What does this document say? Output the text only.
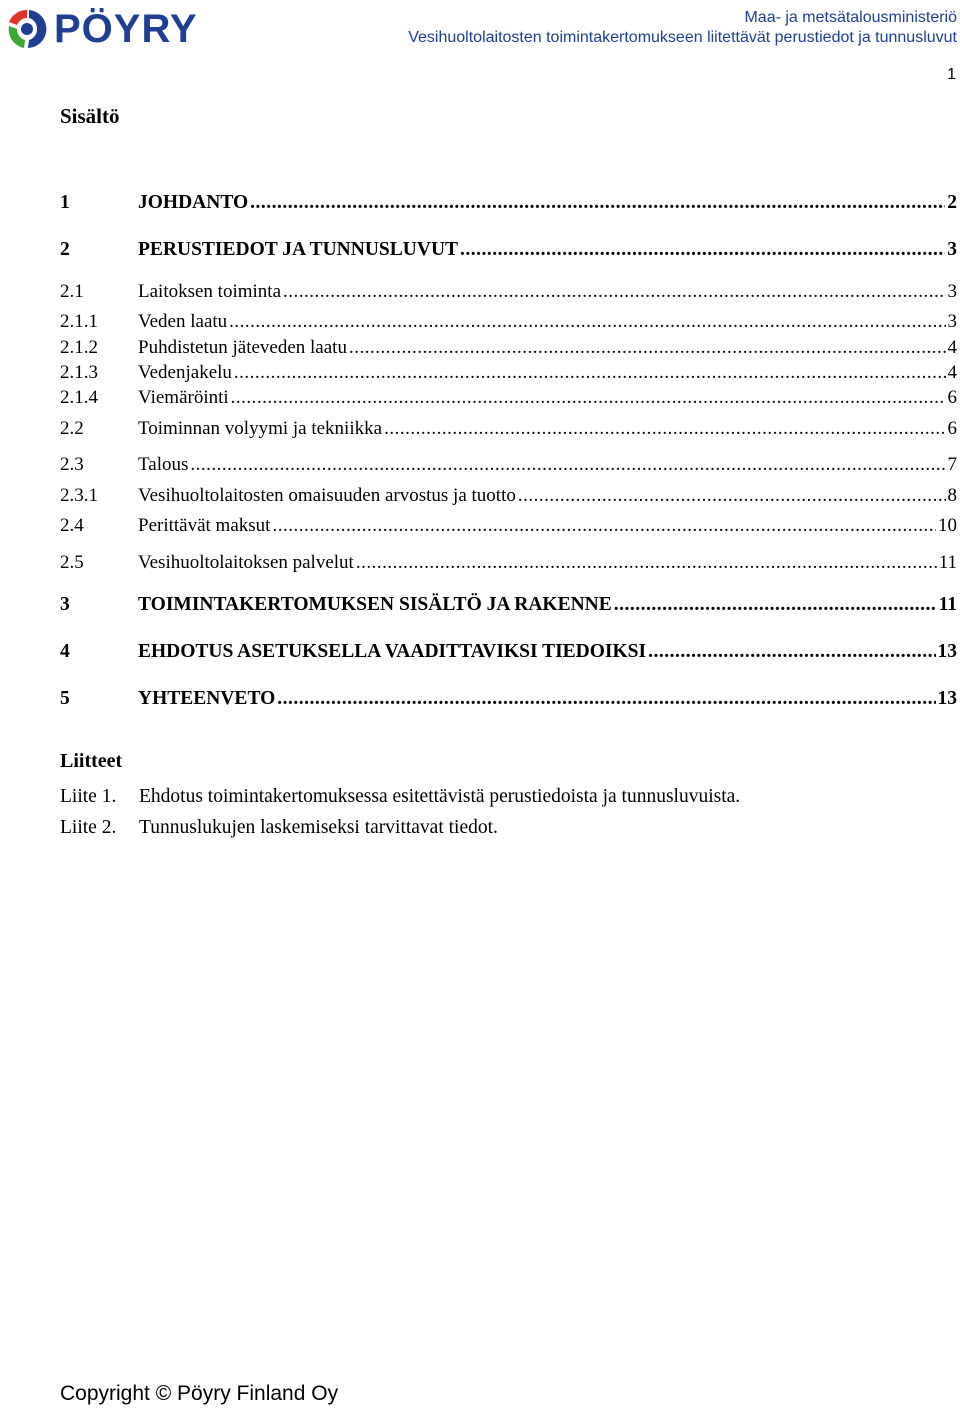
PÖYRY	Maa- ja metsätalousministeriö
Vesihuoltolaitosten toimintakertomukseen liitettävät perustiedot ja tunnusluvut
1
Sisältö
1	JOHDANTO .....	2
2	PERUSTIEDOT JA TUNNUSLUVUT .....	3
2.1	Laitoksen toiminta .....	3
2.1.1	Veden laatu .....	3
2.1.2	Puhdistetun jäteveden laatu .....	4
2.1.3	Vedenjakelu .....	4
2.1.4	Viemäröinti .....	6
2.2	Toiminnan volyymi ja tekniikka .....	6
2.3	Talous .....	7
2.3.1	Vesihuoltolaitosten omaisuuden arvostus ja tuotto .....	8
2.4	Perittävät maksut .....	10
2.5	Vesihuoltolaitoksen palvelut .....	11
3	TOIMINTAKERTOMUKSEN SISÄLTÖ JA RAKENNE .....	11
4	EHDOTUS ASETUKSELLA VAADITTAVIKSI TIEDOIKSI .....	13
5	YHTEENVETO .....	13
Liitteet
Liite 1.	Ehdotus toimintakertomuksessa esitettävistä perustiedoista ja tunnusluvuista.
Liite 2.	Tunnuslukujen laskemiseksi tarvittavat tiedot.
Copyright © Pöyry Finland Oy
